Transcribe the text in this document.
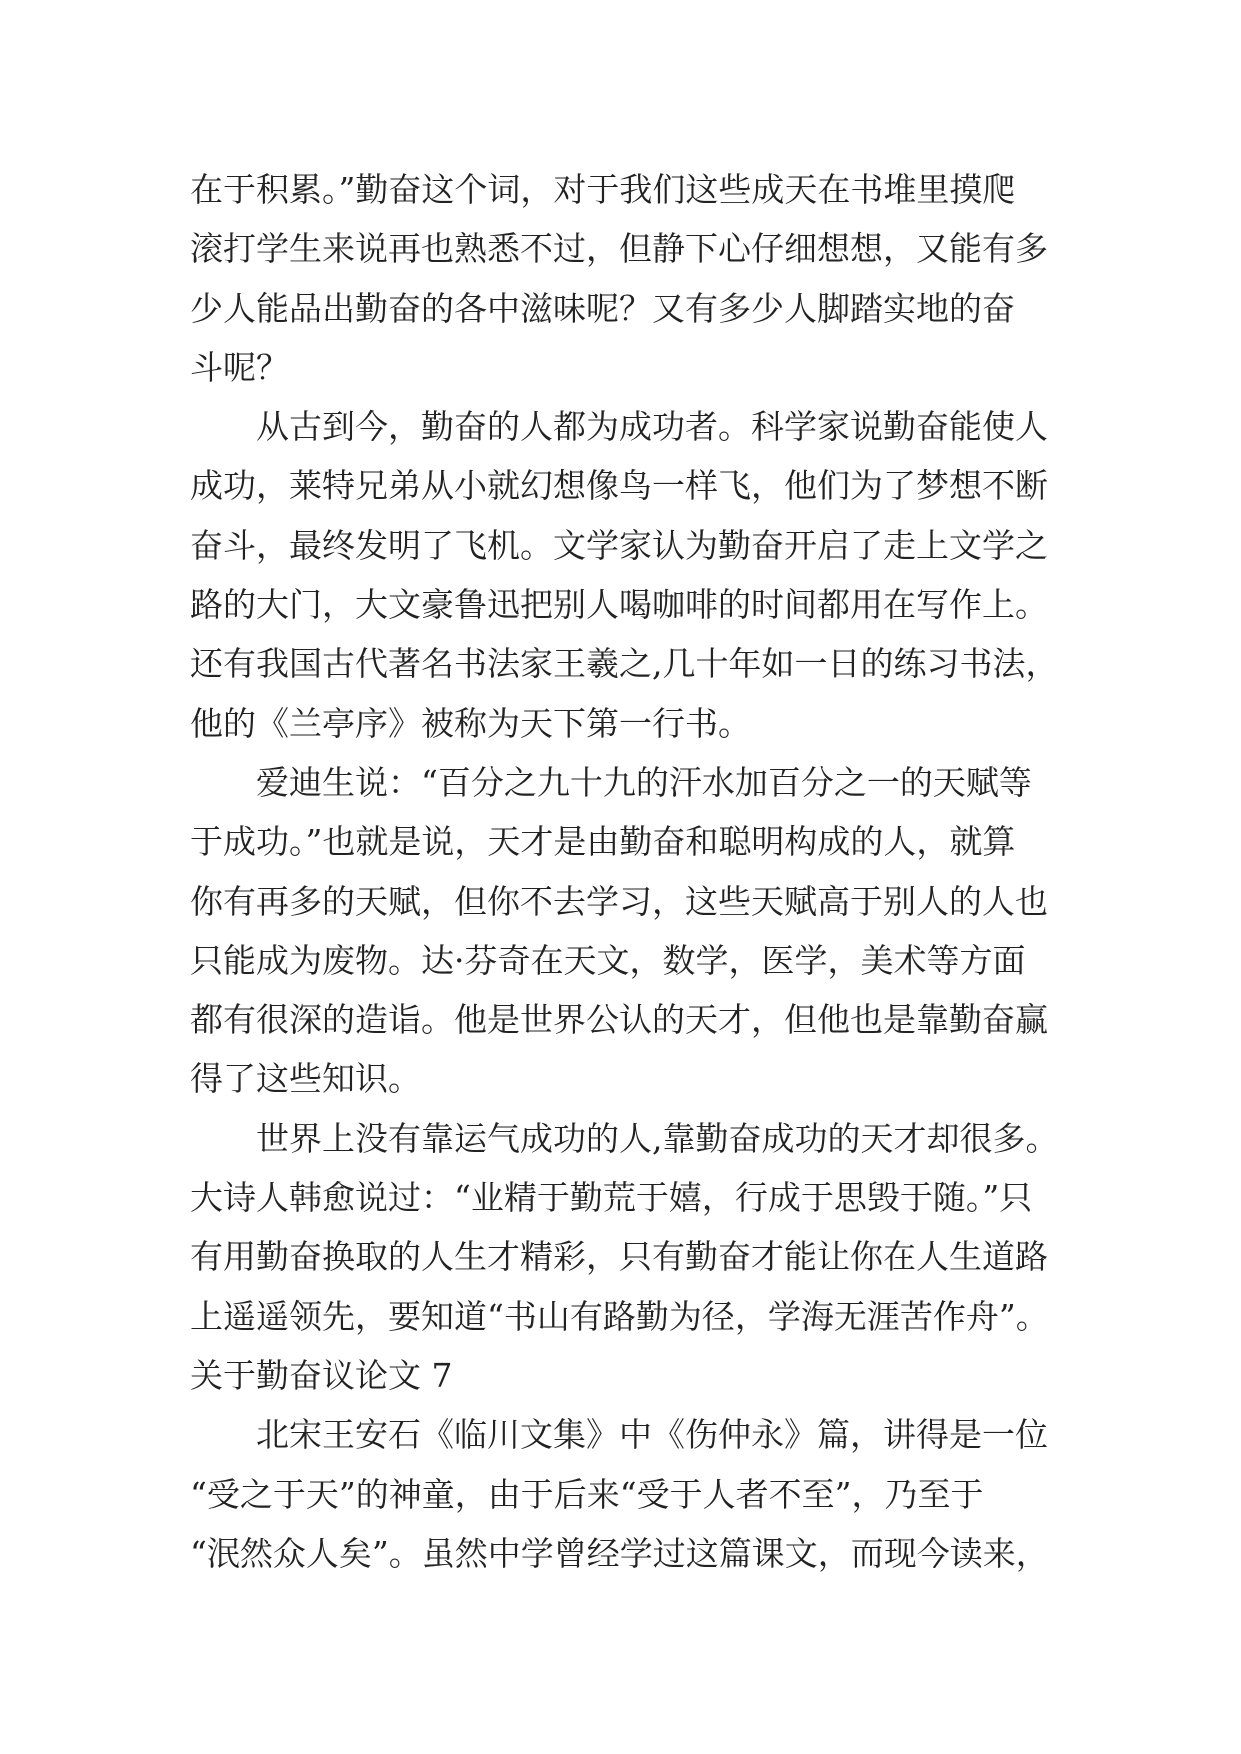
在于积累。”勤奋这个词，对于我们这些成天在书堆里摸爬
滚打学生来说再也熟悉不过，但静下心仔细想想，又能有多
少人能品出勤奋的各中滋味呢？又有多少人脚踏实地的奋
斗呢？
从古到今，勤奋的人都为成功者。科学家说勤奋能使人
成功，莱特兄弟从小就幻想像鸟一样飞，他们为了梦想不断
奋斗，最终发明了飞机。文学家认为勤奋开启了走上文学之
路的大门，大文豪鲁迅把别人喝咖啡的时间都用在写作上。
还有我国古代著名书法家王羲之,几十年如一日的练习书法，
他的《兰亭序》被称为天下第一行书。
爱迪生说：“百分之九十九的汗水加百分之一的天赋等
于成功。”也就是说，天才是由勤奋和聪明构成的人，就算
你有再多的天赋，但你不去学习，这些天赋高于别人的人也
只能成为废物。达·芬奇在天文，数学，医学，美术等方面
都有很深的造诣。他是世界公认的天才，但他也是靠勤奋赢
得了这些知识。
世界上没有靠运气成功的人,靠勤奋成功的天才却很多。
大诗人韩愈说过：“业精于勤荒于嬉，行成于思毁于随。”只
有用勤奋换取的人生才精彩，只有勤奋才能让你在人生道路
上遥遥领先，要知道“书山有路勤为径，学海无涯苦作舟”。
关于勤奋议论文 7
北宋王安石《临川文集》中《伤仲永》篇，讲得是一位
“受之于天”的神童，由于后来“受于人者不至”，乃至于
“泯然众人矣”。虽然中学曾经学过这篇课文，而现今读来，
